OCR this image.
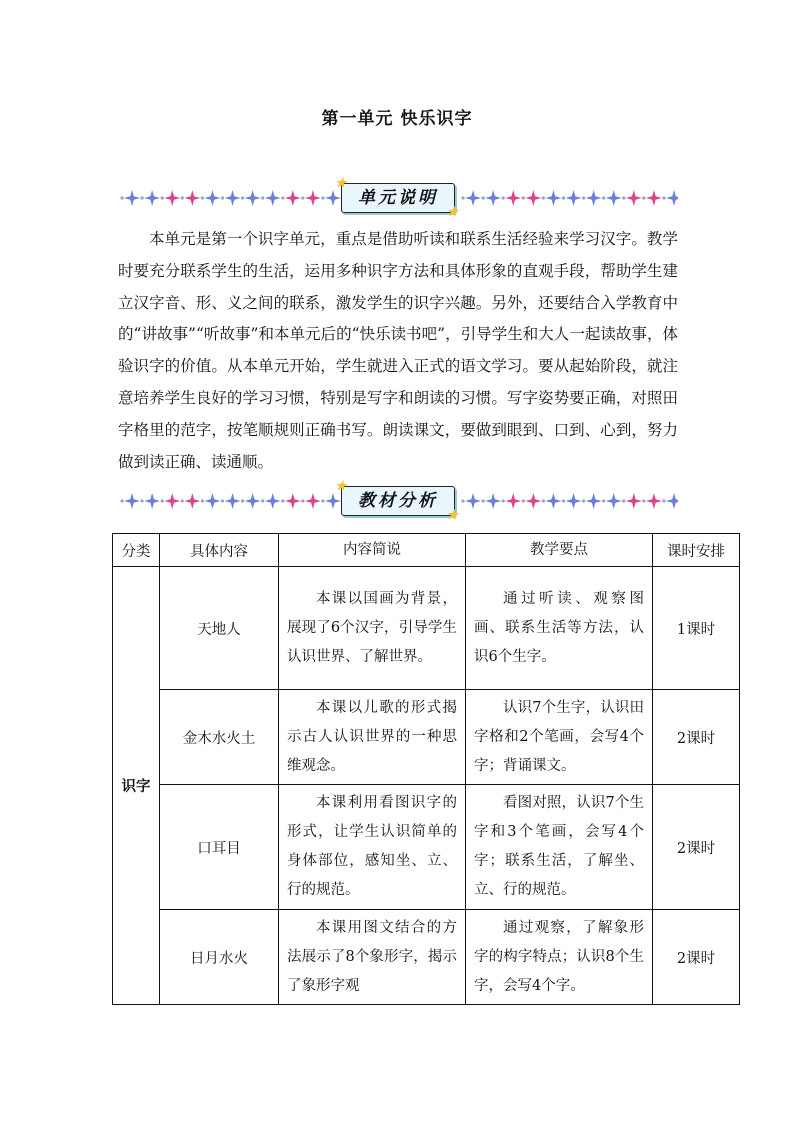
第一单元 快乐识字
★
单元说明
★
本单元是第一个识字单元，重点是借助听读和联系生活经验来学习汉字。教学时要充分联系学生的生活，运用多种识字方法和具体形象的直观手段，帮助学生建立汉字音、形、义之间的联系，激发学生的识字兴趣。另外，还要结合入学教育中的“讲故事”“听故事”和本单元后的“快乐读书吧”，引导学生和大人一起读故事，体验识字的价值。从本单元开始，学生就进入正式的语文学习。要从起始阶段，就注意培养学生良好的学习习惯，特别是写字和朗读的习惯。写字姿势要正确，对照田字格里的范字，按笔顺规则正确书写。朗读课文，要做到眼到、口到、心到，努力做到读正确、读通顺。
★
教材分析
★
分类	具体内容	内容简说	教学要点	课时安排
识字	天地人	本课以国画为背景，展现了6个汉字，引导学生认识世界、了解世界。	通过听读、观察图画、联系生活等方法，认识6个生字。	1课时
	金木水火土	本课以儿歌的形式揭示古人认识世界的一种思维观念。	认识7个生字，认识田字格和2个笔画，会写4个字；背诵课文。	2课时
	口耳目	本课利用看图识字的形式，让学生认识简单的身体部位，感知坐、立、行的规范。	看图对照，认识7个生字和3个笔画，会写4个字；联系生活，了解坐、立、行的规范。	2课时
	日月水火	本课用图文结合的方法展示了8个象形字，揭示了象形字观	通过观察，了解象形字的构字特点；认识8个生字，会写4个字。	2课时
